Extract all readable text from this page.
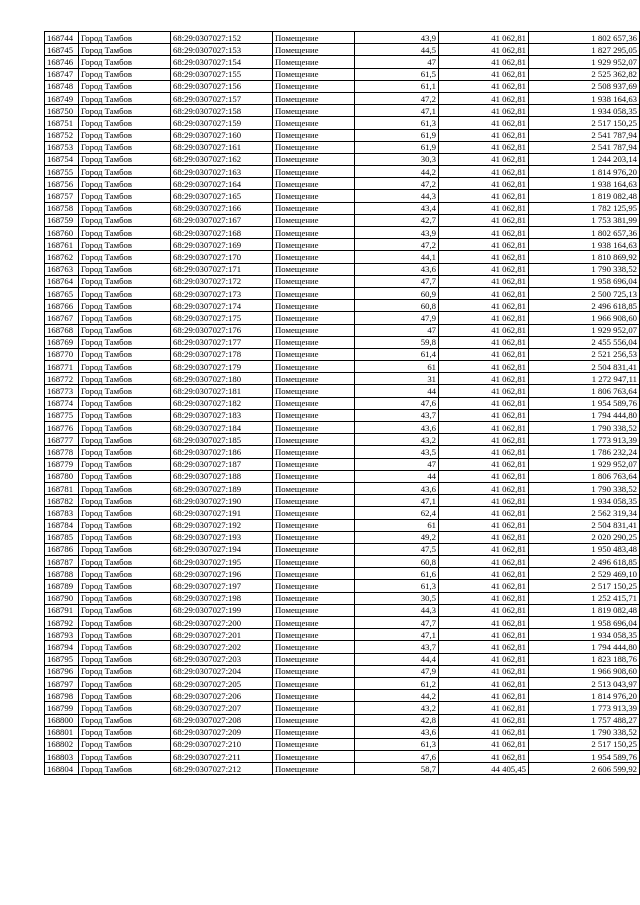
168744	Город Тамбов	68:29:0307027:152	Помещение	43,9	41 062,81	1 802 657,36
168745	Город Тамбов	68:29:0307027:153	Помещение	44,5	41 062,81	1 827 295,05
168746	Город Тамбов	68:29:0307027:154	Помещение	47	41 062,81	1 929 952,07
168747	Город Тамбов	68:29:0307027:155	Помещение	61,5	41 062,81	2 525 362,82
168748	Город Тамбов	68:29:0307027:156	Помещение	61,1	41 062,81	2 508 937,69
168749	Город Тамбов	68:29:0307027:157	Помещение	47,2	41 062,81	1 938 164,63
168750	Город Тамбов	68:29:0307027:158	Помещение	47,1	41 062,81	1 934 058,35
168751	Город Тамбов	68:29:0307027:159	Помещение	61,3	41 062,81	2 517 150,25
168752	Город Тамбов	68:29:0307027:160	Помещение	61,9	41 062,81	2 541 787,94
168753	Город Тамбов	68:29:0307027:161	Помещение	61,9	41 062,81	2 541 787,94
168754	Город Тамбов	68:29:0307027:162	Помещение	30,3	41 062,81	1 244 203,14
168755	Город Тамбов	68:29:0307027:163	Помещение	44,2	41 062,81	1 814 976,20
168756	Город Тамбов	68:29:0307027:164	Помещение	47,2	41 062,81	1 938 164,63
168757	Город Тамбов	68:29:0307027:165	Помещение	44,3	41 062,81	1 819 082,48
168758	Город Тамбов	68:29:0307027:166	Помещение	43,4	41 062,81	1 782 125,95
168759	Город Тамбов	68:29:0307027:167	Помещение	42,7	41 062,81	1 753 381,99
168760	Город Тамбов	68:29:0307027:168	Помещение	43,9	41 062,81	1 802 657,36
168761	Город Тамбов	68:29:0307027:169	Помещение	47,2	41 062,81	1 938 164,63
168762	Город Тамбов	68:29:0307027:170	Помещение	44,1	41 062,81	1 810 869,92
168763	Город Тамбов	68:29:0307027:171	Помещение	43,6	41 062,81	1 790 338,52
168764	Город Тамбов	68:29:0307027:172	Помещение	47,7	41 062,81	1 958 696,04
168765	Город Тамбов	68:29:0307027:173	Помещение	60,9	41 062,81	2 500 725,13
168766	Город Тамбов	68:29:0307027:174	Помещение	60,8	41 062,81	2 496 618,85
168767	Город Тамбов	68:29:0307027:175	Помещение	47,9	41 062,81	1 966 908,60
168768	Город Тамбов	68:29:0307027:176	Помещение	47	41 062,81	1 929 952,07
168769	Город Тамбов	68:29:0307027:177	Помещение	59,8	41 062,81	2 455 556,04
168770	Город Тамбов	68:29:0307027:178	Помещение	61,4	41 062,81	2 521 256,53
168771	Город Тамбов	68:29:0307027:179	Помещение	61	41 062,81	2 504 831,41
168772	Город Тамбов	68:29:0307027:180	Помещение	31	41 062,81	1 272 947,11
168773	Город Тамбов	68:29:0307027:181	Помещение	44	41 062,81	1 806 763,64
168774	Город Тамбов	68:29:0307027:182	Помещение	47,6	41 062,81	1 954 589,76
168775	Город Тамбов	68:29:0307027:183	Помещение	43,7	41 062,81	1 794 444,80
168776	Город Тамбов	68:29:0307027:184	Помещение	43,6	41 062,81	1 790 338,52
168777	Город Тамбов	68:29:0307027:185	Помещение	43,2	41 062,81	1 773 913,39
168778	Город Тамбов	68:29:0307027:186	Помещение	43,5	41 062,81	1 786 232,24
168779	Город Тамбов	68:29:0307027:187	Помещение	47	41 062,81	1 929 952,07
168780	Город Тамбов	68:29:0307027:188	Помещение	44	41 062,81	1 806 763,64
168781	Город Тамбов	68:29:0307027:189	Помещение	43,6	41 062,81	1 790 338,52
168782	Город Тамбов	68:29:0307027:190	Помещение	47,1	41 062,81	1 934 058,35
168783	Город Тамбов	68:29:0307027:191	Помещение	62,4	41 062,81	2 562 319,34
168784	Город Тамбов	68:29:0307027:192	Помещение	61	41 062,81	2 504 831,41
168785	Город Тамбов	68:29:0307027:193	Помещение	49,2	41 062,81	2 020 290,25
168786	Город Тамбов	68:29:0307027:194	Помещение	47,5	41 062,81	1 950 483,48
168787	Город Тамбов	68:29:0307027:195	Помещение	60,8	41 062,81	2 496 618,85
168788	Город Тамбов	68:29:0307027:196	Помещение	61,6	41 062,81	2 529 469,10
168789	Город Тамбов	68:29:0307027:197	Помещение	61,3	41 062,81	2 517 150,25
168790	Город Тамбов	68:29:0307027:198	Помещение	30,5	41 062,81	1 252 415,71
168791	Город Тамбов	68:29:0307027:199	Помещение	44,3	41 062,81	1 819 082,48
168792	Город Тамбов	68:29:0307027:200	Помещение	47,7	41 062,81	1 958 696,04
168793	Город Тамбов	68:29:0307027:201	Помещение	47,1	41 062,81	1 934 058,35
168794	Город Тамбов	68:29:0307027:202	Помещение	43,7	41 062,81	1 794 444,80
168795	Город Тамбов	68:29:0307027:203	Помещение	44,4	41 062,81	1 823 188,76
168796	Город Тамбов	68:29:0307027:204	Помещение	47,9	41 062,81	1 966 908,60
168797	Город Тамбов	68:29:0307027:205	Помещение	61,2	41 062,81	2 513 043,97
168798	Город Тамбов	68:29:0307027:206	Помещение	44,2	41 062,81	1 814 976,20
168799	Город Тамбов	68:29:0307027:207	Помещение	43,2	41 062,81	1 773 913,39
168800	Город Тамбов	68:29:0307027:208	Помещение	42,8	41 062,81	1 757 488,27
168801	Город Тамбов	68:29:0307027:209	Помещение	43,6	41 062,81	1 790 338,52
168802	Город Тамбов	68:29:0307027:210	Помещение	61,3	41 062,81	2 517 150,25
168803	Город Тамбов	68:29:0307027:211	Помещение	47,6	41 062,81	1 954 589,76
168804	Город Тамбов	68:29:0307027:212	Помещение	58,7	44 405,45	2 606 599,92
